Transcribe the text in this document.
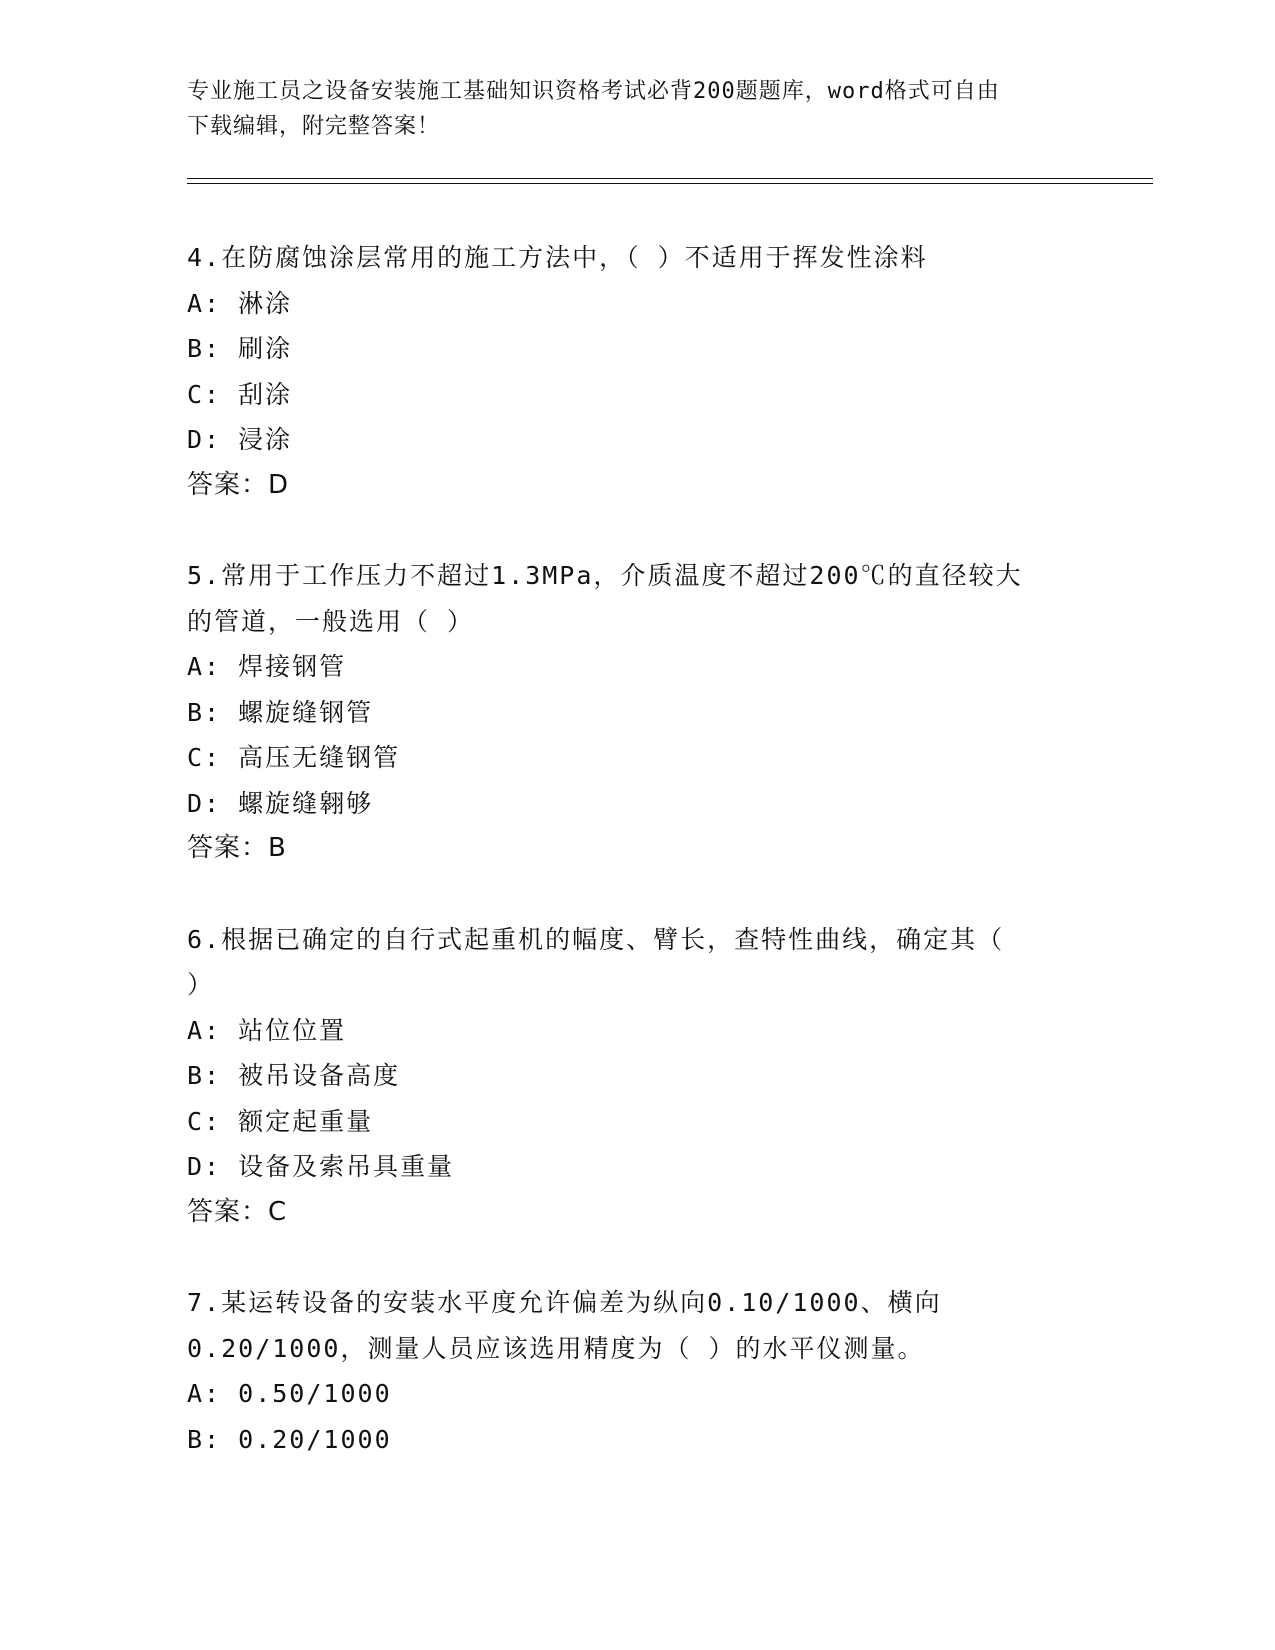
专业施工员之设备安装施工基础知识资格考试必背200题题库，word格式可自由
下载编辑，附完整答案！
4.在防腐蚀涂层常用的施工方法中，（ ）不适用于挥发性涂料
A: 淋涂
B: 刷涂
C: 刮涂
D: 浸涂
答案：D
5.常用于工作压力不超过1.3MPa，介质温度不超过200℃的直径较大
的管道，一般选用（ ）
A: 焊接钢管
B: 螺旋缝钢管
C: 高压无缝钢管
D: 螺旋缝翱够
答案：B
6.根据已确定的自行式起重机的幅度、臂长，查特性曲线，确定其（
）
A: 站位位置
B: 被吊设备高度
C: 额定起重量
D: 设备及索吊具重量
答案：C
7.某运转设备的安装水平度允许偏差为纵向0.10/1000、横向
0.20/1000，测量人员应该选用精度为（ ）的水平仪测量。
A: 0.50/1000
B: 0.20/1000
